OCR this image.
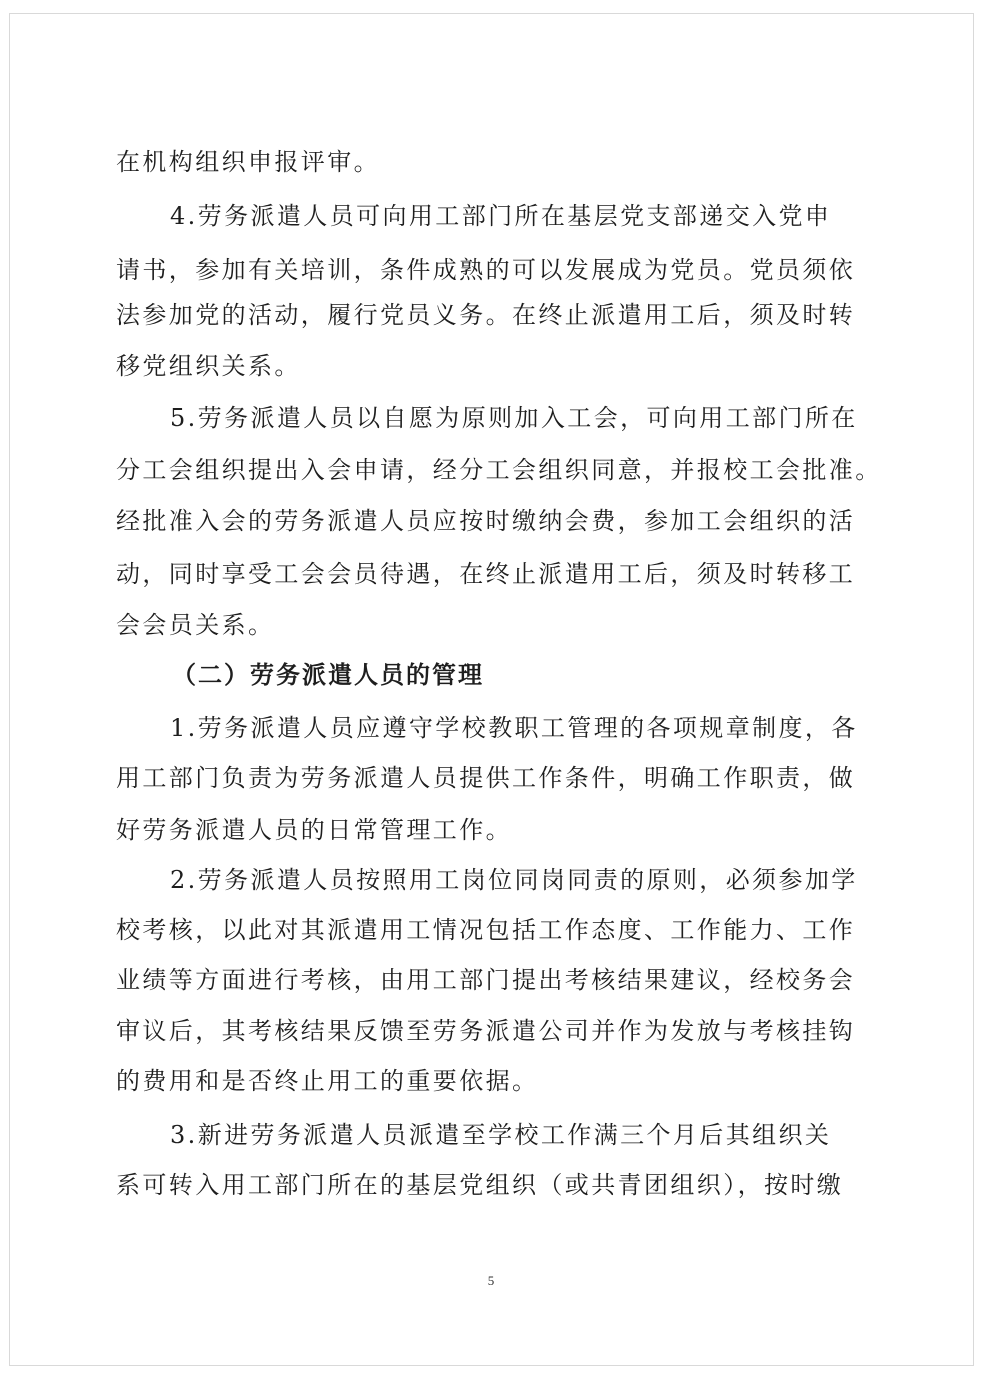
在机构组织申报评审。
4.劳务派遣人员可向用工部门所在基层党支部递交入党申
请书，参加有关培训，条件成熟的可以发展成为党员。党员须依
法参加党的活动，履行党员义务。在终止派遣用工后，须及时转
移党组织关系。
5.劳务派遣人员以自愿为原则加入工会，可向用工部门所在
分工会组织提出入会申请，经分工会组织同意，并报校工会批准。
经批准入会的劳务派遣人员应按时缴纳会费，参加工会组织的活
动，同时享受工会会员待遇，在终止派遣用工后，须及时转移工
会会员关系。
（二）劳务派遣人员的管理
1.劳务派遣人员应遵守学校教职工管理的各项规章制度，各
用工部门负责为劳务派遣人员提供工作条件，明确工作职责，做
好劳务派遣人员的日常管理工作。
2.劳务派遣人员按照用工岗位同岗同责的原则，必须参加学
校考核，以此对其派遣用工情况包括工作态度、工作能力、工作
业绩等方面进行考核，由用工部门提出考核结果建议，经校务会
审议后，其考核结果反馈至劳务派遣公司并作为发放与考核挂钩
的费用和是否终止用工的重要依据。
3.新进劳务派遣人员派遣至学校工作满三个月后其组织关
系可转入用工部门所在的基层党组织（或共青团组织），按时缴
5
